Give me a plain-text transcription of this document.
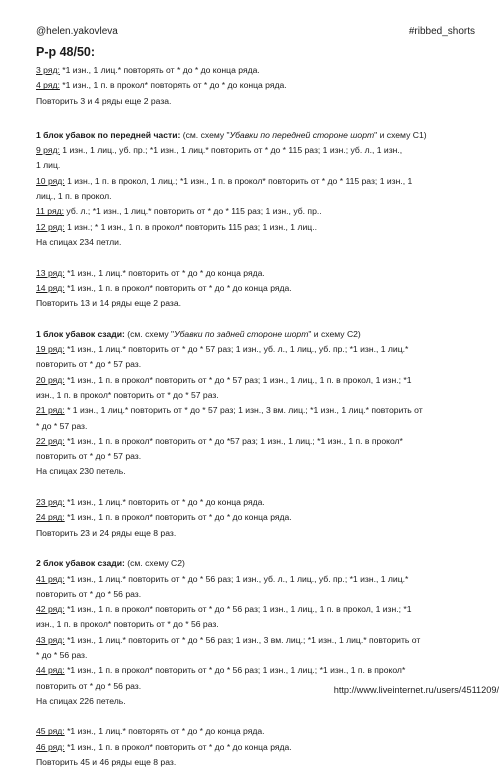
@helen.yakovleva	#ribbed_shorts
Р-р 48/50:
3 ряд: *1 изн., 1 лиц.* повторять от * до * до конца ряда.
4 ряд: *1 изн., 1 п. в прокол* повторять от * до * до конца ряда.
Повторить 3 и 4 ряды еще 2 раза.
1 блок убавок по передней части: (см. схему "Убавки по передней стороне шорт" и схему С1)
9 ряд: 1 изн., 1 лиц., уб. пр.; *1 изн., 1 лиц.* повторить от * до * 115 раз; 1 изн.; уб. л., 1 изн.,
1 лиц.
10 ряд: 1 изн., 1 п. в прокол, 1 лиц.; *1 изн., 1 п. в прокол* повторить от * до * 115 раз; 1 изн., 1
лиц., 1 п. в прокол.
11 ряд: уб. л.; *1 изн., 1 лиц.* повторить от * до * 115 раз; 1 изн., уб. пр..
12 ряд: 1 изн.; * 1 изн., 1 п. в прокол* повторить 115 раз; 1 изн., 1 лиц..
На спицах 234 петли.
13 ряд: *1 изн., 1 лиц.* повторить от * до * до конца ряда.
14 ряд: *1 изн., 1 п. в прокол* повторить от * до * до конца ряда.
Повторить 13 и 14 ряды еще 2 раза.
1 блок убавок сзади: (см. схему "Убавки по задней стороне шорт" и схему С2)
19 ряд: *1 изн., 1 лиц.* повторить от * до * 57 раз; 1 изн., уб. л., 1 лиц., уб. пр.; *1 изн., 1 лиц.*
повторить от * до * 57 раз.
20 ряд: *1 изн., 1 п. в прокол* повторить от * до * 57 раз; 1 изн., 1 лиц., 1 п. в прокол, 1 изн.; *1
изн., 1 п. в прокол* повторить от * до * 57 раз.
21 ряд: * 1 изн., 1 лиц.* повторить от * до * 57 раз; 1 изн., 3 вм. лиц.; *1 изн., 1 лиц.* повторить от
* до * 57 раз.
22 ряд: *1 изн., 1 п. в прокол* повторить от * до *57 раз; 1 изн., 1 лиц.; *1 изн., 1 п. в прокол*
повторить от * до * 57 раз.
На спицах 230 петель.
23 ряд: *1 изн., 1 лиц.* повторить от * до * до конца ряда.
24 ряд: *1 изн., 1 п. в прокол* повторить от * до * до конца ряда.
Повторить 23 и 24 ряды еще 8 раз.
2 блок убавок сзади: (см. схему С2)
41 ряд: *1 изн., 1 лиц.* повторить от * до * 56 раз; 1 изн., уб. л., 1 лиц., уб. пр.; *1 изн., 1 лиц.*
повторить от * до * 56 раз.
42 ряд: *1 изн., 1 п. в прокол* повторить от * до * 56 раз; 1 изн., 1 лиц., 1 п. в прокол, 1 изн.; *1
изн., 1 п. в прокол* повторить от * до * 56 раз.
43 ряд: *1 изн., 1 лиц.* повторить от * до * 56 раз; 1 изн., 3 вм. лиц.; *1 изн., 1 лиц.* повторить от
* до * 56 раз.
44 ряд: *1 изн., 1 п. в прокол* повторить от * до * 56 раз; 1 изн., 1 лиц.; *1 изн., 1 п. в прокол*
повторить от * до * 56 раз.
На спицах 226 петель.
45 ряд: *1 изн., 1 лиц.* повторять от * до * до конца ряда.
46 ряд: *1 изн., 1 п. в прокол* повторить от * до * до конца ряда.
Повторить 45 и 46 ряды еще 8 раз.
http://www.liveinternet.ru/users/4511209/
